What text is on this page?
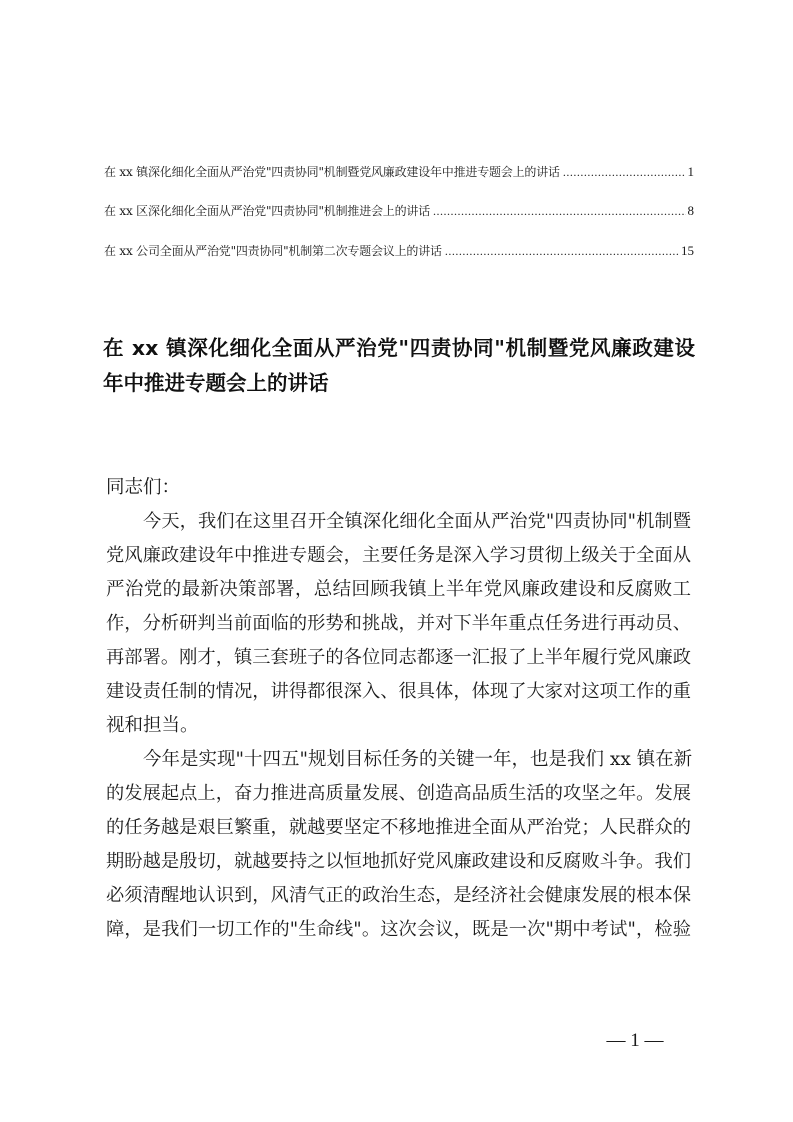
在 xx 镇深化细化全面从严治党"四责协同"机制暨党风廉政建设年中推进专题会上的讲话 .....	1
在 xx 区深化细化全面从严治党"四责协同"机制推进会上的讲话 .....	8
在 xx 公司全面从严治党"四责协同"机制第二次专题会议上的讲话 .....	15
在 xx 镇深化细化全面从严治党"四责协同"机制暨党风廉政建设
年中推进专题会上的讲话
同志们：
今天，我们在这里召开全镇深化细化全面从严治党"四责协同"机制暨
党风廉政建设年中推进专题会，主要任务是深入学习贯彻上级关于全面从
严治党的最新决策部署，总结回顾我镇上半年党风廉政建设和反腐败工
作，分析研判当前面临的形势和挑战，并对下半年重点任务进行再动员、
再部署。刚才，镇三套班子的各位同志都逐一汇报了上半年履行党风廉政
建设责任制的情况，讲得都很深入、很具体，体现了大家对这项工作的重
视和担当。
今年是实现"十四五"规划目标任务的关键一年，也是我们 xx 镇在新
的发展起点上，奋力推进高质量发展、创造高品质生活的攻坚之年。发展
的任务越是艰巨繁重，就越要坚定不移地推进全面从严治党；人民群众的
期盼越是殷切，就越要持之以恒地抓好党风廉政建设和反腐败斗争。我们
必须清醒地认识到，风清气正的政治生态，是经济社会健康发展的根本保
障，是我们一切工作的"生命线"。这次会议，既是一次"期中考试"，检验
— 1 —
